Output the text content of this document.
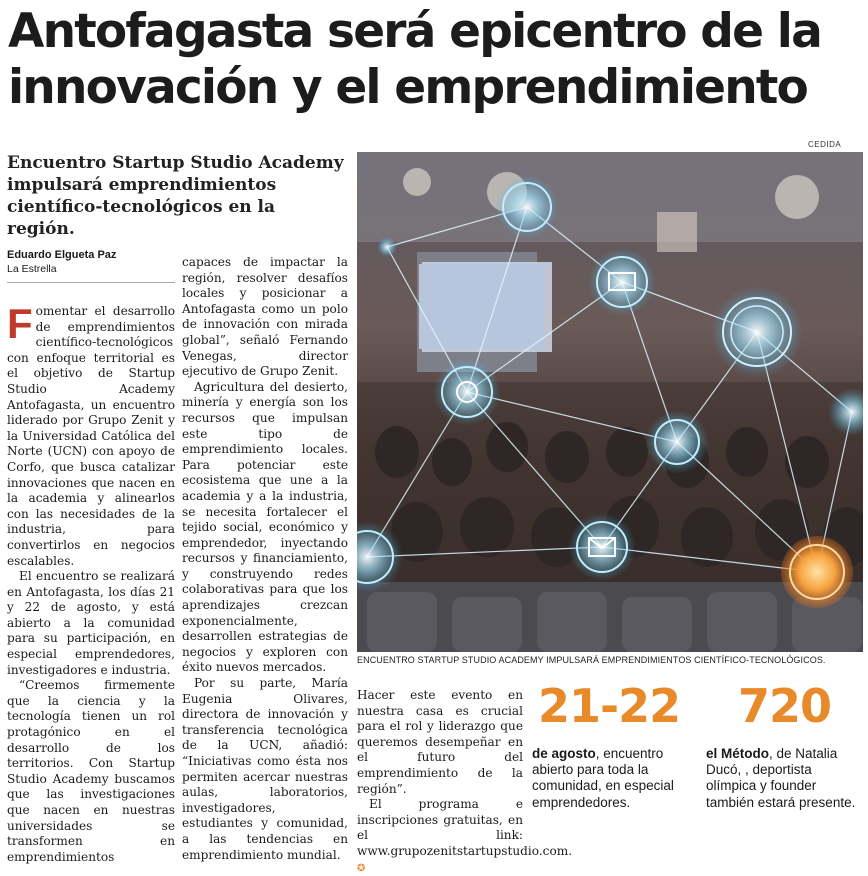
Antofagasta será epicentro de la innovación y el emprendimiento
Encuentro Startup Studio Academy impulsará emprendimientos científico-tecnológicos en la región.
Eduardo Elgueta Paz
La Estrella

Fomentar el desarrollo de emprendimientos científico-tecnológicos con enfoque territorial es el objetivo de Startup Studio Academy Antofagasta, un encuentro liderado por Grupo Zenit y la Universidad Católica del Norte (UCN) con apoyo de Corfo, que busca catalizar innovaciones que nacen en la academia y alinearlos con las necesidades de la industria, para convertirlos en negocios escalables.

El encuentro se realizará en Antofagasta, los días 21 y 22 de agosto, y está abierto a la comunidad para su participación, en especial emprendedores, investigadores e industria.

“Creemos firmemente que la ciencia y la tecnología tienen un rol protagónico en el desarrollo de los territorios. Con Startup Studio Academy buscamos que las investigaciones que nacen en nuestras universidades se transformen en emprendimientos

capaces de impactar la región, resolver desafíos locales y posicionar a Antofagasta como un polo de innovación con mirada global”, señaló Fernando Venegas, director ejecutivo de Grupo Zenit.

Agricultura del desierto, minería y energía son los recursos que impulsan este tipo de emprendimiento locales. Para potenciar este ecosistema que une a la academia y a la industria, se necesita fortalecer el tejido social, económico y emprendedor, inyectando recursos y financiamiento, y construyendo redes colaborativas para que los aprendizajes crezcan exponencialmente, desarrollen estrategias de negocios y exploren con éxito nuevos mercados.

Por su parte, María Eugenia Olivares, directora de innovación y transferencia tecnológica de la UCN, añadió: “Iniciativas como ésta nos permiten acercar nuestras aulas, laboratorios, investigadores, estudiantes y comunidad, a las tendencias en emprendimiento mundial.

CEDIDA
ENCUENTRO STARTUP STUDIO ACADEMY IMPULSARÁ EMPRENDIMIENTOS CIENTÍFICO-TECNOLÓGICOS.

Hacer este evento en nuestra casa es crucial para el rol y liderazgo que queremos desempeñar en el futuro del emprendimiento de la región”.

El programa e inscripciones gratuitas, en el link: www.grupozenitstartupstudio.com. ✪

21-22
de agosto, encuentro abierto para toda la comunidad, en especial emprendedores.
720
el Método, de Natalia Ducó, , deportista olímpica y founder también estará presente.
